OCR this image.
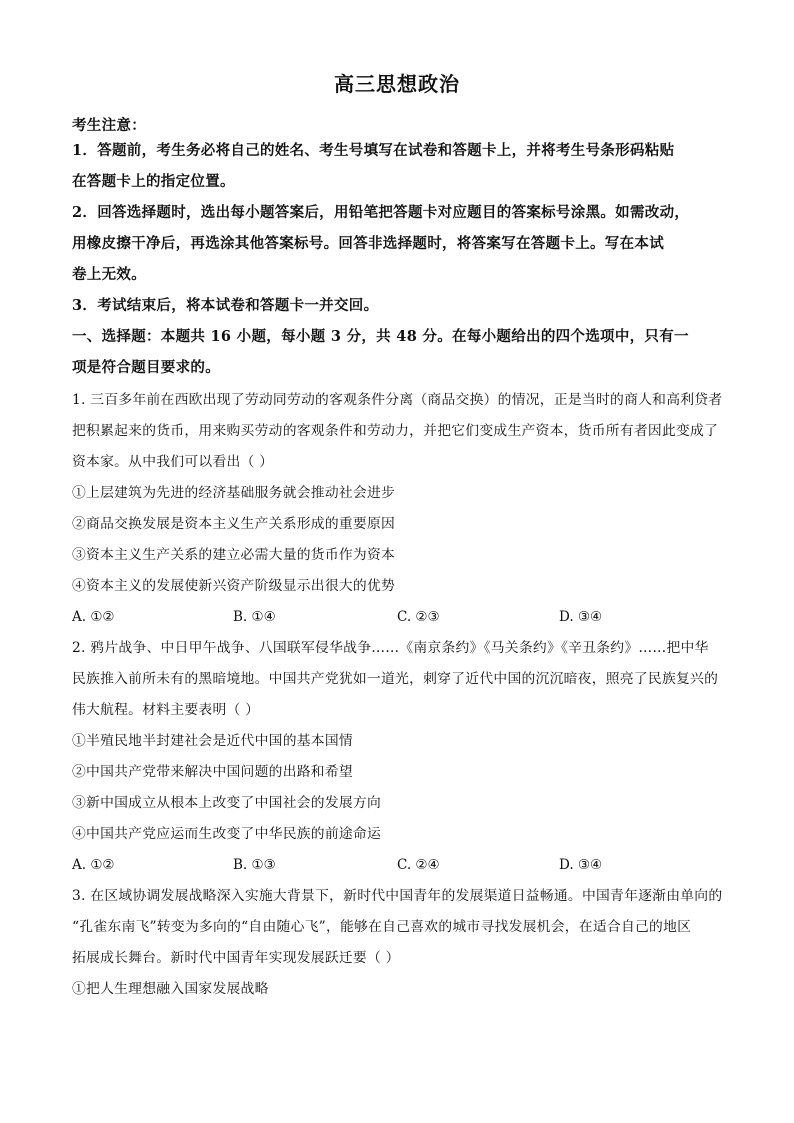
高三思想政治
考生注意：
1．答题前，考生务必将自己的姓名、考生号填写在试卷和答题卡上，并将考生号条形码粘贴
在答题卡上的指定位置。
2．回答选择题时，选出每小题答案后，用铅笔把答题卡对应题目的答案标号涂黑。如需改动，
用橡皮擦干净后，再选涂其他答案标号。回答非选择题时，将答案写在答题卡上。写在本试
卷上无效。
3．考试结束后，将本试卷和答题卡一并交回。
一、选择题：本题共 16 小题，每小题 3 分，共 48 分。在每小题给出的四个选项中，只有一
项是符合题目要求的。
1. 三百多年前在西欧出现了劳动同劳动的客观条件分离（商品交换）的情况，正是当时的商人和高利贷者
把积累起来的货币，用来购买劳动的客观条件和劳动力，并把它们变成生产资本，货币所有者因此变成了
资本家。从中我们可以看出（ ）
①上层建筑为先进的经济基础服务就会推动社会进步
②商品交换发展是资本主义生产关系形成的重要原因
③资本主义生产关系的建立必需大量的货币作为资本
④资本主义的发展使新兴资产阶级显示出很大的优势
A. ①②	B. ①④	C. ②③	D. ③④
2. 鸦片战争、中日甲午战争、八国联军侵华战争……《南京条约》《马关条约》《辛丑条约》……把中华
民族推入前所未有的黑暗境地。中国共产党犹如一道光，刺穿了近代中国的沉沉暗夜，照亮了民族复兴的
伟大航程。材料主要表明（ ）
①半殖民地半封建社会是近代中国的基本国情
②中国共产党带来解决中国问题的出路和希望
③新中国成立从根本上改变了中国社会的发展方向
④中国共产党应运而生改变了中华民族的前途命运
A. ①②	B. ①③	C. ②④	D. ③④
3. 在区域协调发展战略深入实施大背景下，新时代中国青年的发展渠道日益畅通。中国青年逐渐由单向的
“孔雀东南飞”转变为多向的“自由随心飞”，能够在自己喜欢的城市寻找发展机会，在适合自己的地区
拓展成长舞台。新时代中国青年实现发展跃迁要（ ）
①把人生理想融入国家发展战略
